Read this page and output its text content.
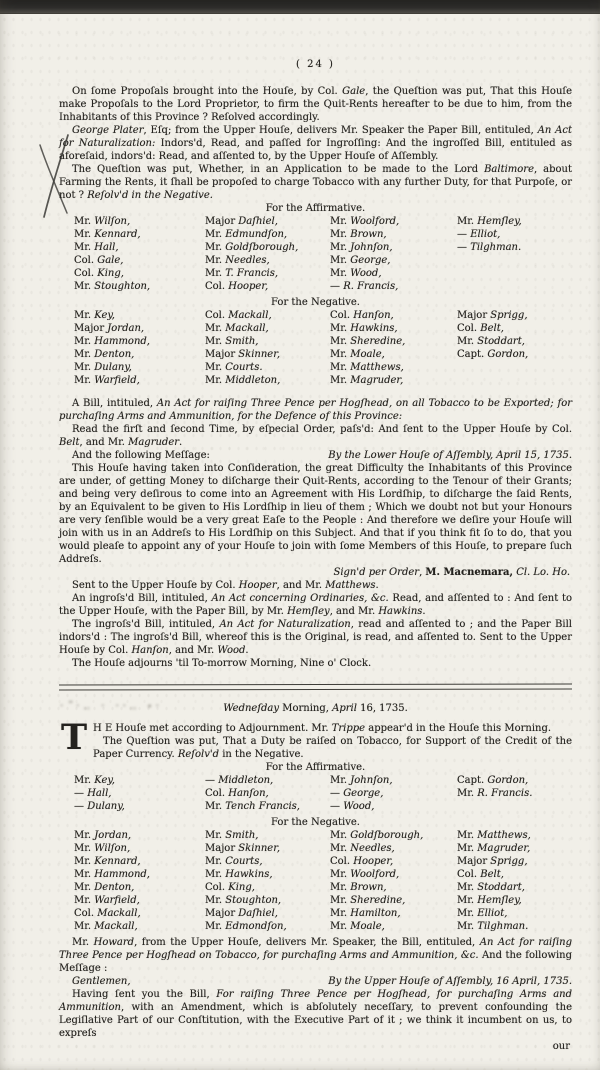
·˜·‥ · ··‥ ˖·
( 24 )
On ſome Propoſals brought into the Houſe, by Col. Gale, the Queſtion was put, That this Houſe make Propoſals to the Lord Proprietor, to firm the Quit-Rents hereafter to be due to him, from the Inhabitants of this Province ? Reſolved accordingly.
George Plater, Eſq; from the Upper Houſe, delivers Mr. Speaker the Paper Bill, entituled, An Act for Naturalization: Indors'd, Read, and paſſed for Ingroſſing: And the ingroſſed Bill, entituled as aforeſaid, indors'd: Read, and aſſented to, by the Upper Houſe of Aſſembly.
The Queſtion was put, Whether, in an Application to be made to the Lord Baltimore, about Farming the Rents, it ſhall be propoſed to charge Tobacco with any further Duty, for that Purpoſe, or not ? Reſolv'd in the Negative.
For the Affirmative.
Mr. Wilſon,
Mr. Kennard,
Mr. Hall,
Col. Gale,
Col. King,
Mr. Stoughton,
Major Daſhiel,
Mr. Edmundſon,
Mr. Goldſborough,
Mr. Needles,
Mr. T. Francis,
Col. Hooper,
Mr. Woolford,
Mr. Brown,
Mr. Johnſon,
Mr. George,
Mr. Wood,
— R. Francis,
Mr. Hemſley,
— Elliot,
— Tilghman.
For the Negative.
Mr. Key,
Major Jordan,
Mr. Hammond,
Mr. Denton,
Mr. Dulany,
Mr. Warfield,
Col. Mackall,
Mr. Mackall,
Mr. Smith,
Major Skinner,
Mr. Courts.
Mr. Middleton,
Col. Hanſon,
Mr. Hawkins,
Mr. Sheredine,
Mr. Moale,
Mr. Matthews,
Mr. Magruder,
Major Sprigg,
Col. Belt,
Mr. Stoddart,
Capt. Gordon,
A Bill, intituled, An Act for raiſing Three Pence per Hogſhead, on all Tobacco to be Exported; for purchaſing Arms and Ammunition, for the Defence of this Province:
Read the firſt and ſecond Time, by eſpecial Order, paſs'd: And ſent to the Upper Houſe by Col. Belt, and Mr. Magruder.
And the following Meſſage:	By the Lower Houſe of Aſſembly, April 15, 1735.
This Houſe having taken into Conſideration, the great Difficulty the Inhabitants of this Province are under, of getting Money to diſcharge their Quit-Rents, according to the Tenour of their Grants; and being very deſirous to come into an Agreement with His Lordſhip, to diſcharge the ſaid Rents, by an Equivalent to be given to His Lordſhip in lieu of them ; Which we doubt not but your Honours are very ſenſible would be a very great Eaſe to the People : And therefore we deſire your Houſe will join with us in an Addreſs to His Lordſhip on this Subject. And that if you think fit ſo to do, that you would pleaſe to appoint any of your Houſe to join with ſome Members of this Houſe, to prepare ſuch Addreſs.
Sign'd per Order, M. Macnemara, Cl. Lo. Ho.
Sent to the Upper Houſe by Col. Hooper, and Mr. Matthews.
An ingroſs'd Bill, intituled, An Act concerning Ordinaries, &c. Read, and aſſented to : And ſent to the Upper Houſe, with the Paper Bill, by Mr. Hemſley, and Mr. Hawkins.
The ingroſs'd Bill, intituled, An Act for Naturalization, read and aſſented to ; and the Paper Bill indors'd : The ingroſs'd Bill, whereof this is the Original, is read, and aſſented to. Sent to the Upper Houſe by Col. Hanſon, and Mr. Wood.
The Houſe adjourns 'til To-morrow Morning, Nine o' Clock.
Wedneſday Morning, April 16, 1735.
T H E Houſe met according to Adjournment. Mr. Trippe appear'd in the Houſe this Morning.
The Queſtion was put, That a Duty be raiſed on Tobacco, for Support of the Credit of the Paper Currency. Reſolv'd in the Negative.
For the Affirmative.
Mr. Key,
— Hall,
— Dulany,
— Middleton,
Col. Hanſon,
Mr. Tench Francis,
Mr. Johnſon,
— George,
— Wood,
Capt. Gordon,
Mr. R. Francis.
For the Negative.
Mr. Jordan,
Mr. Wilſon,
Mr. Kennard,
Mr. Hammond,
Mr. Denton,
Mr. Warfield,
Col. Mackall,
Mr. Mackall,
Mr. Smith,
Major Skinner,
Mr. Courts,
Mr. Hawkins,
Col. King,
Mr. Stoughton,
Major Daſhiel,
Mr. Edmondſon,
Mr. Goldſborough,
Mr. Needles,
Col. Hooper,
Mr. Woolford,
Mr. Brown,
Mr. Sheredine,
Mr. Hamilton,
Mr. Moale,
Mr. Matthews,
Mr. Magruder,
Major Sprigg,
Col. Belt,
Mr. Stoddart,
Mr. Hemſley,
Mr. Elliot,
Mr. Tilghman.
Mr. Howard, from the Upper Houſe, delivers Mr. Speaker, the Bill, entituled, An Act for raiſing Three Pence per Hogſhead on Tobacco, for purchaſing Arms and Ammunition, &c. And the following Meſſage :
Gentlemen,	By the Upper Houſe of Aſſembly, 16 April, 1735.
Having ſent you the Bill, For raiſing Three Pence per Hogſhead, for purchaſing Arms and Ammunition, with an Amendment, which is abſolutely neceſſary, to prevent confounding the Legiſlative Part of our Conſtitution, with the Executive Part of it ; we think it incumbent on us, to expreſs
our
